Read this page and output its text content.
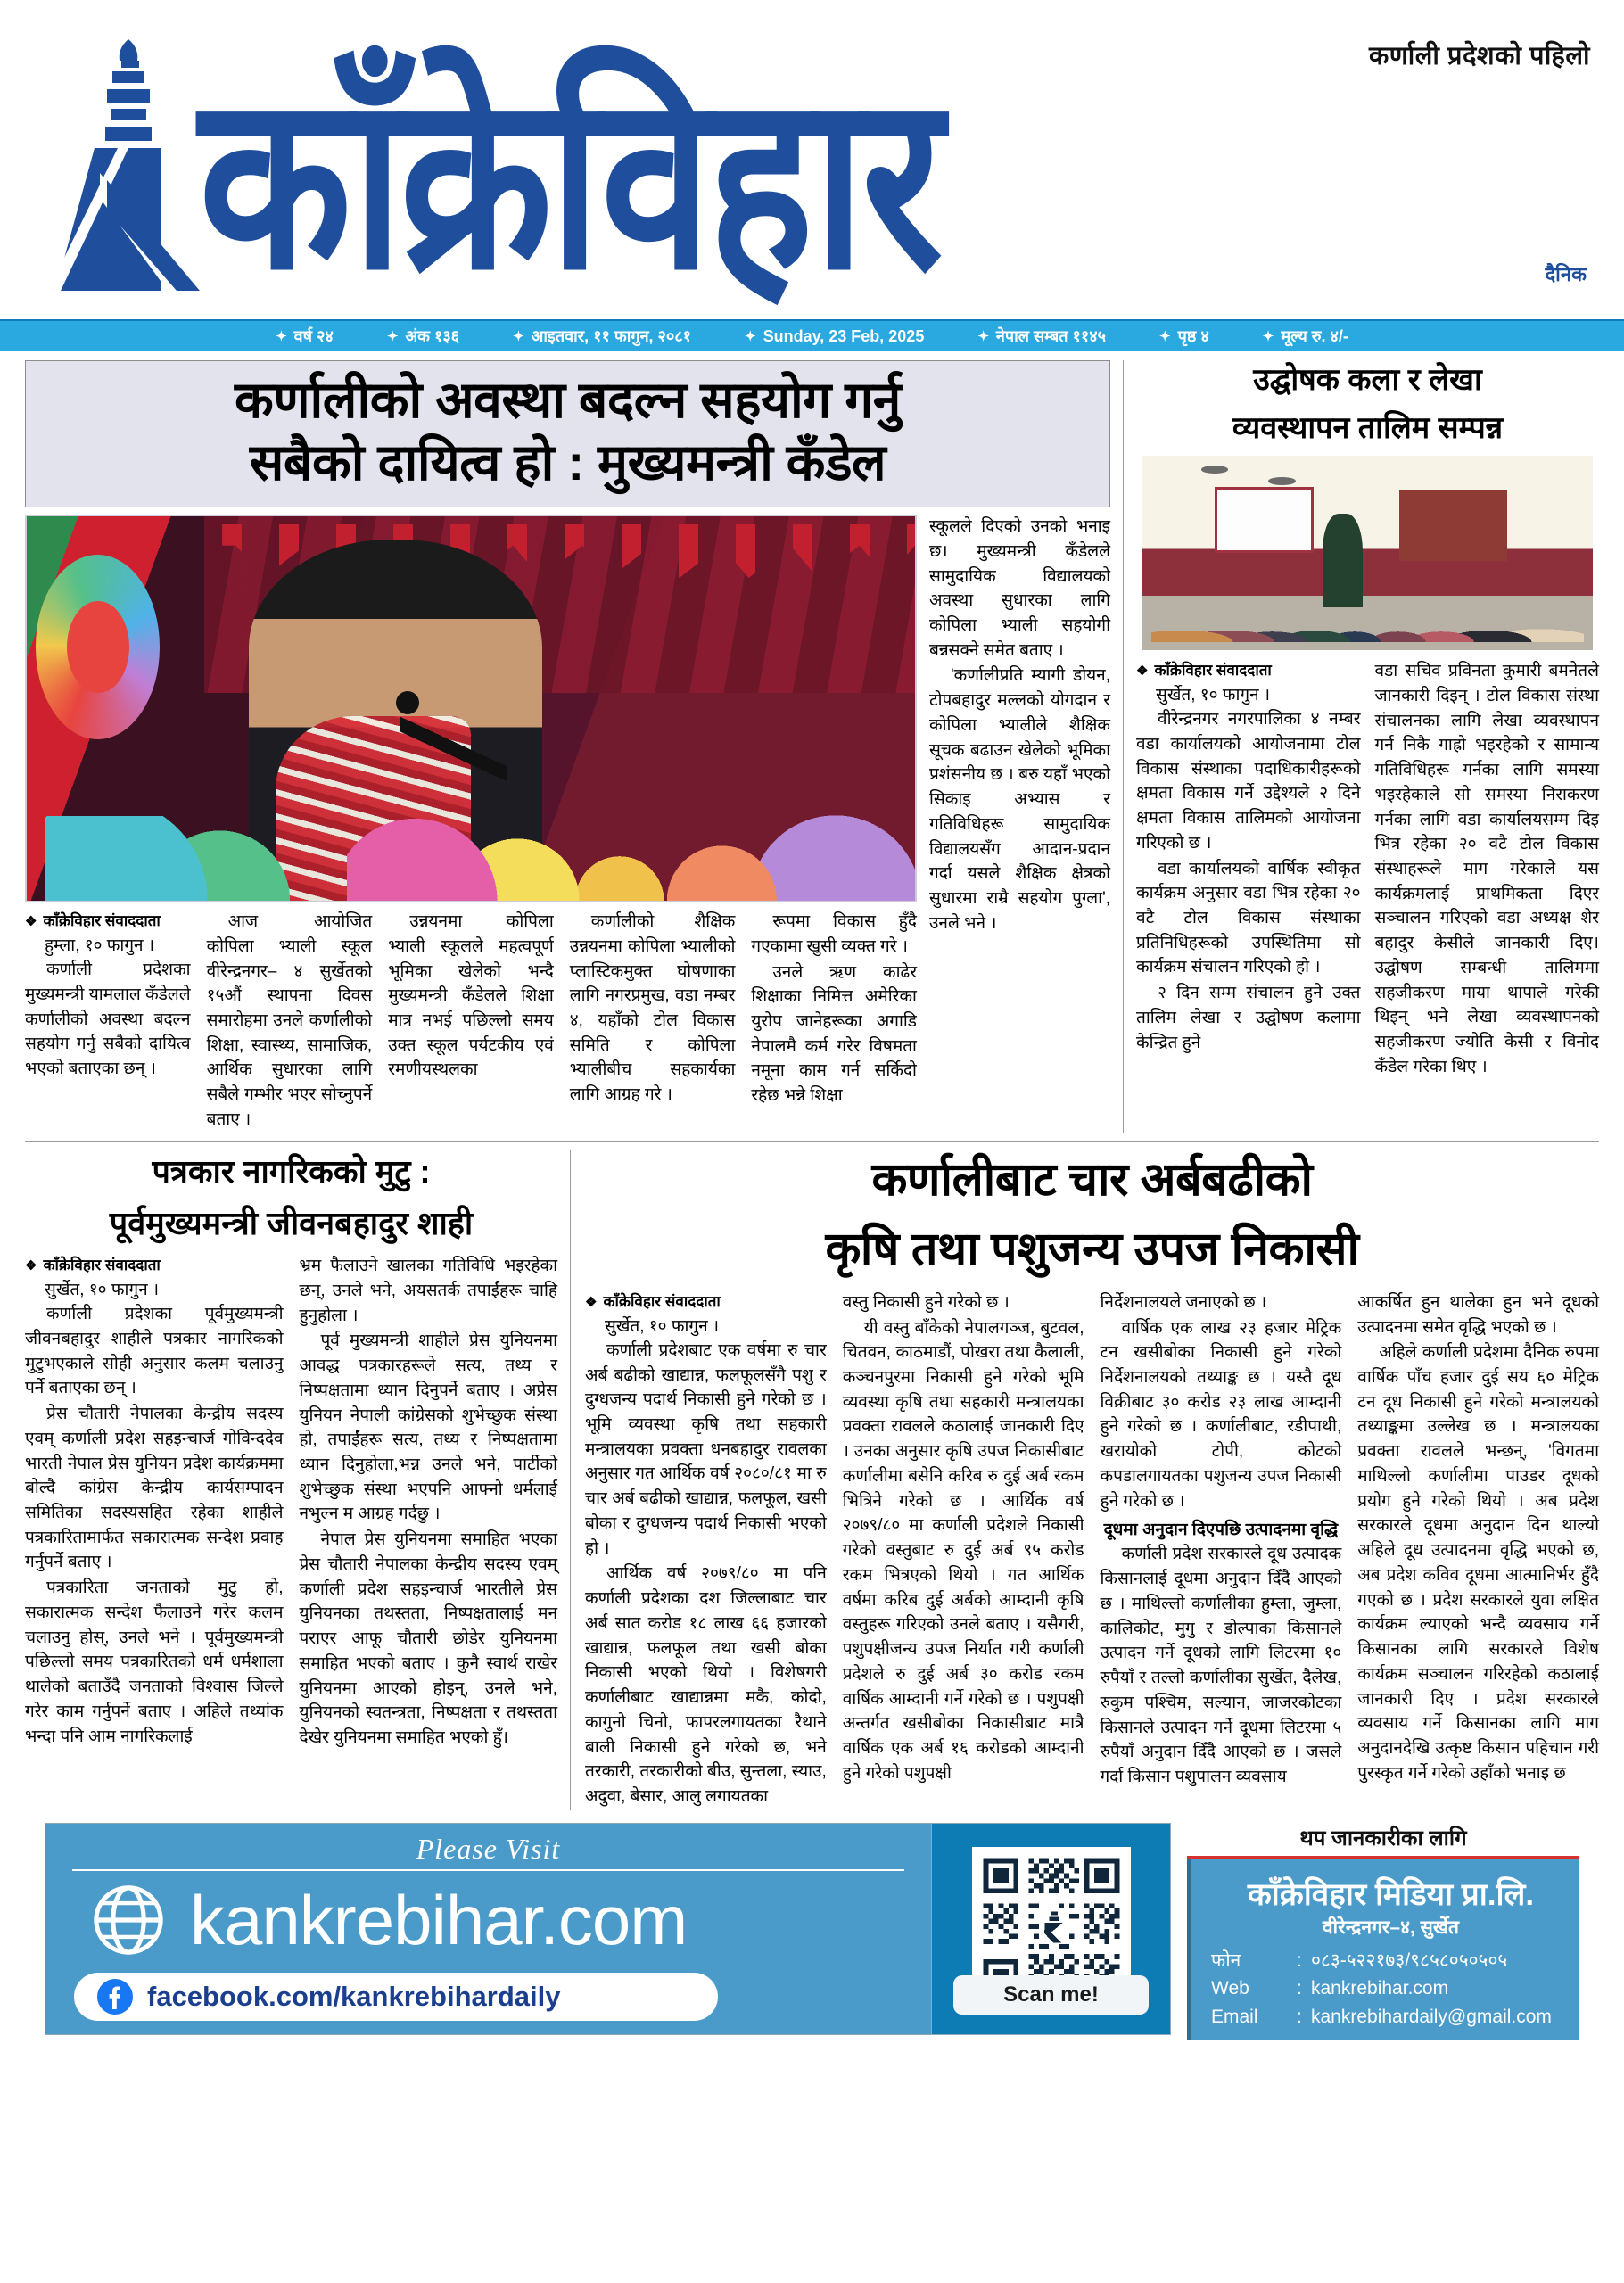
काँक्रेविहार	कर्णाली प्रदेशको पहिलो
दैनिक
✦ वर्ष २४	✦ अंक १३६	✦ आइतवार, ११ फागुन, २०८१	✦ Sunday, 23 Feb, 2025	✦ नेपाल सम्बत ११४५	✦ पृष्ठ ४	✦ मूल्य रु. ४/-
कर्णालीको अवस्था बदल्न सहयोग गर्नु
सबैको दायित्व हो : मुख्यमन्त्री कँडेल
❖ काँक्रेविहार संवाददाता
हुम्ला, १० फागुन ।

कर्णाली प्रदेशका मुख्यमन्त्री यामलाल कँडेलले कर्णालीको अवस्था बदल्न सहयोग गर्नु सबैको दायित्व भएको बताएका छन् ।

आज आयोजित कोपिला भ्याली स्कूल वीरेन्द्रनगर– ४ सुर्खेतको १५औं स्थापना दिवस समारोहमा उनले कर्णालीको शिक्षा, स्वास्थ्य, सामाजिक, आर्थिक सुधारका लागि सबैले गम्भीर भएर सोच्नुपर्ने बताए ।

उन्नयनमा कोपिला भ्याली स्कूलले महत्वपूर्ण भूमिका खेलेको भन्दै मुख्यमन्त्री कँडेलले शिक्षा मात्र नभई पछिल्लो समय उक्त स्कूल पर्यटकीय एवं रमणीयस्थलका

कर्णालीको शैक्षिक उन्नयनमा कोपिला भ्यालीको प्लास्टिकमुक्त घोषणाका लागि नगरप्रमुख, वडा नम्बर ४, यहाँको टोल विकास समिति र कोपिला भ्यालीबीच सहकार्यका लागि आग्रह गरे ।

रूपमा विकास हुँदै गएकामा खुसी व्यक्त गरे ।

उनले ऋण काढेर शिक्षाका निमित्त अमेरिका युरोप जानेहरूका अगाडि नेपालमै कर्म गरेर विषमता नमूना काम गर्न सर्किदो रहेछ भन्ने शिक्षा

स्कूलले दिएको उनको भनाइ छ। मुख्यमन्त्री कँडेलले सामुदायिक विद्यालयको अवस्था सुधारका लागि कोपिला भ्याली सहयोगी बन्नसक्ने समेत बताए ।

'कर्णालीप्रति म्यागी डोयन, टोपबहादुर मल्लको योगदान र कोपिला भ्यालीले शैक्षिक सूचक बढाउन खेलेको भूमिका प्रशंसनीय छ । बरु यहाँ भएको सिकाइ अभ्यास र गतिविधिहरू सामुदायिक विद्यालयसँग आदान-प्रदान गर्दा यसले शैक्षिक क्षेत्रको सुधारमा राम्रै सहयोग पुग्ला', उनले भने ।

उद्घोषक कला र लेखा
व्यवस्थापन तालिम सम्पन्न
❖ काँक्रेविहार संवाददाता
सुर्खेत, १० फागुन ।

वीरेन्द्रनगर नगरपालिका ४ नम्बर वडा कार्यालयको आयोजनामा टोल विकास संस्थाका पदाधिकारीहरूको क्षमता विकास गर्ने उद्देश्यले २ दिने क्षमता विकास तालिमको आयोजना गरिएको छ ।

वडा कार्यालयको वार्षिक स्वीकृत कार्यक्रम अनुसार वडा भित्र रहेका २० वटै टोल विकास संस्थाका प्रतिनिधिहरूको उपस्थितिमा सो कार्यक्रम संचालन गरिएको हो ।

२ दिन सम्म संचालन हुने उक्त तालिम लेखा र उद्घोषण कलामा केन्द्रित हुने

वडा सचिव प्रविनता कुमारी बमनेतले जानकारी दिइन् । टोल विकास संस्था संचालनका लागि लेखा व्यवस्थापन गर्न निकै गाह्रो भइरहेको र सामान्य गतिविधिहरू गर्नका लागि समस्या भइरहेकाले सो समस्या निराकरण गर्नका लागि वडा कार्यालयसम्म दिइ भित्र रहेका २० वटै टोल विकास संस्थाहरूले माग गरेकाले यस कार्यक्रमलाई प्राथमिकता दिएर सञ्चालन गरिएको वडा अध्यक्ष शेर बहादुर केसीले जानकारी दिए। उद्घोषण सम्बन्धी तालिममा सहजीकरण माया थापाले गरेकी थिइन् भने लेखा व्यवस्थापनको सहजीकरण ज्योति केसी र विनोद कँडेल गरेका थिए ।

पत्रकार नागरिकको मुटु :
पूर्वमुख्यमन्त्री जीवनबहादुर शाही
❖ काँक्रेविहार संवाददाता
सुर्खेत, १० फागुन ।

कर्णाली प्रदेशका पूर्वमुख्यमन्त्री जीवनबहादुर शाहीले पत्रकार नागरिकको मुटुभएकाले सोही अनुसार कलम चलाउनु पर्ने बताएका छन् ।

प्रेस चौतारी नेपालका केन्द्रीय सदस्य एवम् कर्णाली प्रदेश सहइन्चार्ज गोविन्ददेव भारतीे नेपाल प्रेस युनियन प्रदेश कार्यक्रममा बोल्दै कांग्रेस केन्द्रीय कार्यसम्पादन समितिका सदस्यसहित रहेका शाहीले पत्रकारितामार्फत सकारात्मक सन्देश प्रवाह गर्नुपर्ने बताए ।

पत्रकारिता जनताको मुटु हो, सकारात्मक सन्देश फैलाउने गरेर कलम चलाउनु होस्, उनले भने । पूर्वमुख्यमन्त्री पछिल्लो समय पत्रकारितको धर्म धर्मशाला थालेको बताउँदै जनताको विश्वास जिल्ले गरेर काम गर्नुपर्ने बताए । अहिले तथ्यांक भन्दा पनि आम नागरिकलाई

भ्रम फैलाउने खालका गतिविधि भइरहेका छन्, उनले भने, अयसतर्क तपाईंहरू चाहि हुनुहोला ।

पूर्व मुख्यमन्त्री शाहीले प्रेस युनियनमा आवद्ध पत्रकारहरूले सत्य, तथ्य र निष्पक्षतामा ध्यान दिनुपर्ने बताए । अप्रेस युनियन नेपाली कांग्रेसको शुभेच्छुक संस्था हो, तपाईंहरू सत्य, तथ्य र निष्पक्षतामा ध्यान दिनुहोला,भन्न उनले भने, पार्टीको शुभेच्छुक संस्था भएपनि आफ्नो धर्मलाई नभुल्न म आग्रह गर्दछु ।

नेपाल प्रेस युनियनमा समाहित भएका प्रेस चौतारी नेपालका केन्द्रीय सदस्य एवम् कर्णाली प्रदेश सहइन्चार्ज भारतीले प्रेस युनियनका तथस्तता, निष्पक्षतालाई मन पराएर आफू चौतारी छोडेर युनियनमा समाहित भएको बताए । कुनै स्वार्थ राखेर युनियनमा आएको होइन्, उनले भने, युनियनको स्वतन्त्रता, निष्पक्षता र तथस्तता देखेर युनियनमा समाहित भएको हुँ।

कर्णालीबाट चार अर्बबढीको
कृषि तथा पशुजन्य उपज निकासी
❖ काँक्रेविहार संवाददाता
सुर्खेत, १० फागुन ।

कर्णाली प्रदेशबाट एक वर्षमा रु चार अर्ब बढीको खाद्यान्न, फलफूलसँगै पशु र दुग्धजन्य पदार्थ निकासी हुने गरेको छ । भूमि व्यवस्था कृषि तथा सहकारी मन्त्रालयका प्रवक्ता धनबहादुर रावलका अनुसार गत आर्थिक वर्ष २०८०/८१ मा रु चार अर्ब बढीको खाद्यान्न, फलफूल, खसी बोका र दुग्धजन्य पदार्थ निकासी भएको हो ।

आर्थिक वर्ष २०७९/८० मा पनि कर्णाली प्रदेशका दश जिल्लाबाट चार अर्ब सात करोड १८ लाख ६६ हजारको खाद्यान्न, फलफूल तथा खसी बोका निकासी भएको थियो । विशेषगरी कर्णालीबाट खाद्यान्नमा मकै, कोदो, कागुनो चिनो, फापरलगायतका रैथाने बाली निकासी हुने गरेको छ, भने तरकारी, तरकारीको बीउ, सुन्तला, स्याउ, अदुवा, बेसार, आलु लगायतका

वस्तु निकासी हुने गरेको छ ।

यी वस्तु बाँकेको नेपालगञ्ज, बुटवल, चितवन, काठमाडौं, पोखरा तथा कैलाली, कञ्चनपुरमा निकासी हुने गरेको भूमि व्यवस्था कृषि तथा सहकारी मन्त्रालयका प्रवक्ता रावलले कठालाई जानकारी दिए । उनका अनुसार कृषि उपज निकासीबाट कर्णालीमा बसेनि करिब रु दुई अर्ब रकम भित्रिने गरेको छ । आर्थिक वर्ष २०७९/८० मा कर्णाली प्रदेशले निकासी गरेको वस्तुबाट रु दुई अर्ब ९५ करोड रकम भित्रएको थियो । गत आर्थिक वर्षमा करिब दुई अर्बको आम्दानी कृषि वस्तुहरू गरिएको उनले बताए । यसैगरी, पशुपक्षीजन्य उपज निर्यात गरी कर्णाली प्रदेशले रु दुई अर्ब ३० करोड रकम वार्षिक आम्दानी गर्ने गरेको छ । पशुपक्षी अन्तर्गत खसीबोका निकासीबाट मात्रै वार्षिक एक अर्ब १६ करोडको आम्दानी हुने गरेको पशुपक्षी

निर्देशनालयले जनाएको छ ।

वार्षिक एक लाख २३ हजार मेट्रिक टन खसीबोका निकासी हुने गरेको निर्देशनालयको तथ्याङ्क छ । यस्तै दूध विक्रीबाट ३० करोड २३ लाख आम्दानी हुने गरेको छ । कर्णालीबाट, रडीपाथी, खरायोको टोपी, कोटको कपडालगायतका पशुजन्य उपज निकासी हुने गरेको छ ।

दूधमा अनुदान दिएपछि उत्पादनमा वृद्धि

कर्णाली प्रदेश सरकारले दूध उत्पादक किसानलाई दूधमा अनुदान दिँदै आएको छ । माथिल्लो कर्णालीका हुम्ला, जुम्ला, कालिकोट, मुगु र डोल्पाका किसानले उत्पादन गर्ने दूधको लागि लिटरमा १० रुपैयाँ र तल्लो कर्णालीका सुर्खेत, दैलेख, रुकुम पश्चिम, सल्यान, जाजरकोटका किसानले उत्पादन गर्ने दूधमा लिटरमा ५ रुपैयाँ अनुदान दिँदै आएको छ । जसले गर्दा किसान पशुपालन व्यवसाय

आकर्षित हुन थालेका हुन भने दूधको उत्पादनमा समेत वृद्धि भएको छ ।

अहिले कर्णाली प्रदेशमा दैनिक रुपमा वार्षिक पाँच हजार दुई सय ६० मेट्रिक टन दूध निकासी हुने गरेको मन्त्रालयको तथ्याङ्कमा उल्लेख छ । मन्त्रालयका प्रवक्ता रावलले भन्छन्, 'विगतमा माथिल्लो कर्णालीमा पाउडर दूधको प्रयोग हुने गरेको थियो । अब प्रदेश सरकारले दूधमा अनुदान दिन थाल्यो अहिले दूध उत्पादनमा वृद्धि भएको छ, अब प्रदेश कविव दूधमा आत्मानिर्भर हुँदै गएको छ । प्रदेश सरकारले युवा लक्षित कार्यक्रम ल्याएको भन्दै व्यवसाय गर्ने किसानका लागि सरकारले विशेष कार्यक्रम सञ्चालन गरिरहेको कठालाई जानकारी दिए । प्रदेश सरकारले व्यवसाय गर्ने किसानका लागि माग अनुदानदेखि उत्कृष्ट किसान पहिचान गरी पुरस्कृत गर्ने गरेको उहाँको भनाइ छ

Please Visit
kankrebihar.com
facebook.com/kankrebihardaily	Scan me!
थप जानकारीका लागि
काँक्रेविहार मिडिया प्रा.लि.
वीरेन्द्रनगर–४, सुर्खेत
फोन	: ०८३-५२२१७३/९८५८०५०५०५
Web	: kankrebihar.com
Email	: kankrebihardaily@gmail.com
